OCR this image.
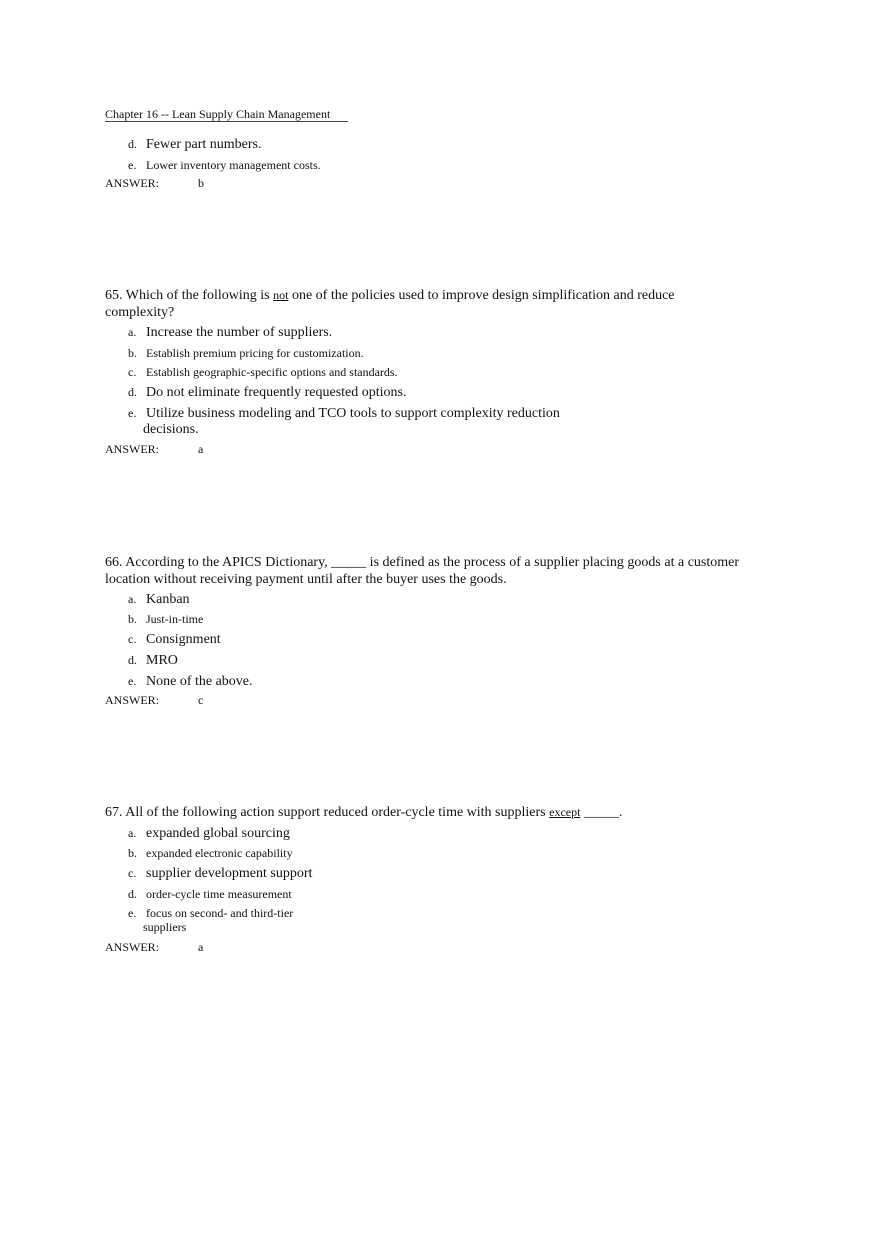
Chapter 16 -- Lean Supply Chain Management
d. Fewer part numbers.
e. Lower inventory management costs.
ANSWER:	b
65. Which of the following is not one of the policies used to improve design simplification and reduce complexity?
a. Increase the number of suppliers.
b. Establish premium pricing for customization.
c. Establish geographic-specific options and standards.
d. Do not eliminate frequently requested options.
e. Utilize business modeling and TCO tools to support complexity reduction
decisions.
ANSWER:	a
66. According to the APICS Dictionary, _____ is defined as the process of a supplier placing goods at a customer location without receiving payment until after the buyer uses the goods.
a. Kanban
b. Just-in-time
c. Consignment
d. MRO
e. None of the above.
ANSWER:	c
67. All of the following action support reduced order-cycle time with suppliers except _____.
a. expanded global sourcing
b. expanded electronic capability
c. supplier development support
d. order-cycle time measurement
e. focus on second- and third-tier
suppliers
ANSWER:	a
